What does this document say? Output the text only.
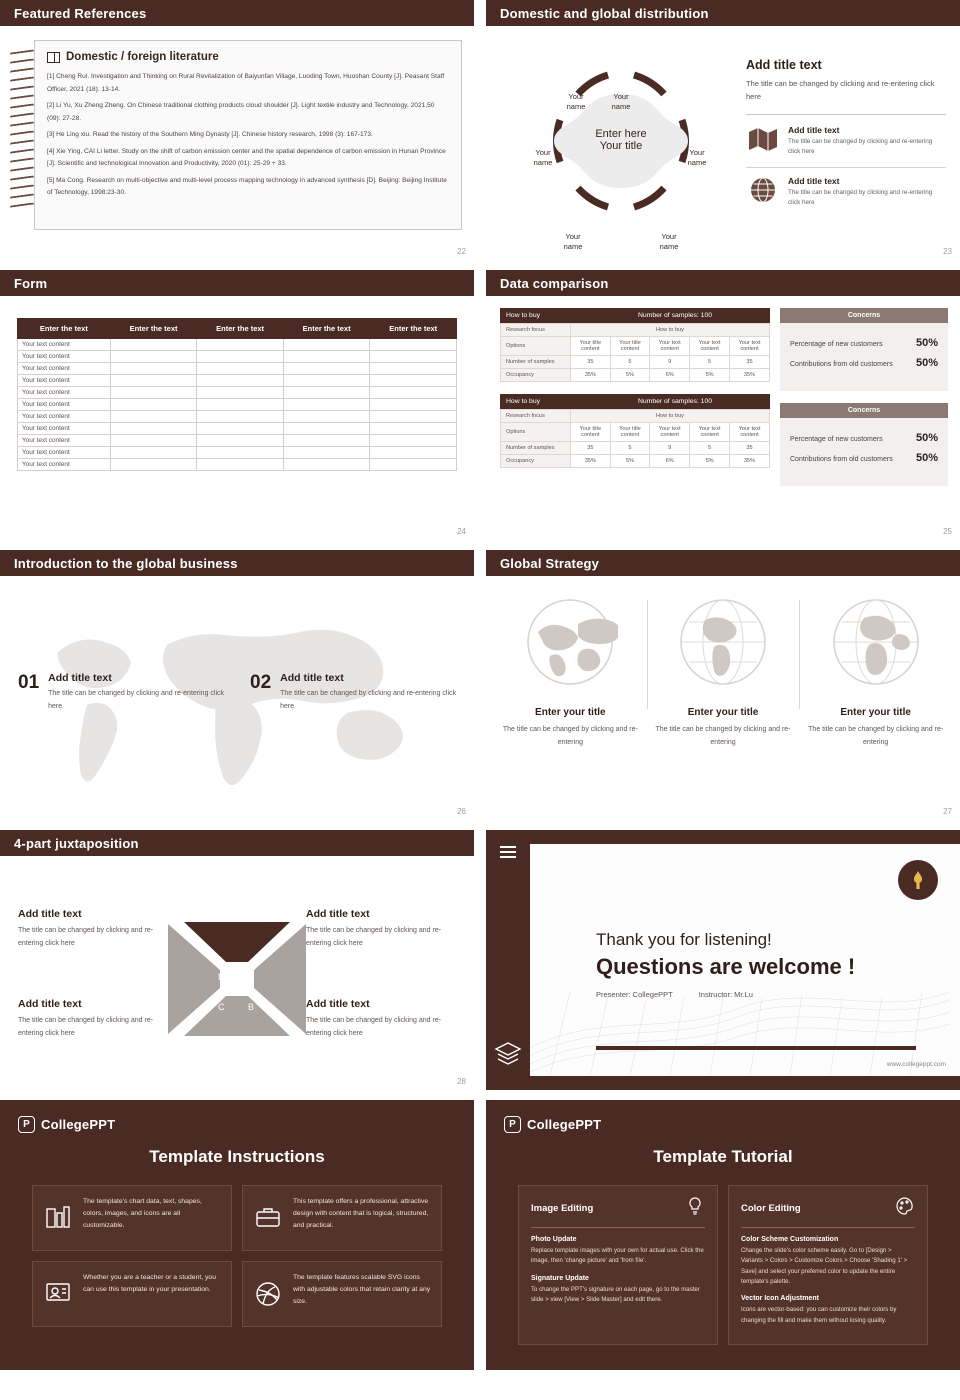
Featured References
Domestic / foreign literature
[1] Cheng Rui. Investigation and Thinking on Rural Revitalization of Baiyunfan Village, Luoding Town, Huoshan County [J]. Peasant Staff Officer, 2021 (18): 13-14.
[2] Li Yu, Xu Zheng Zheng. On Chinese traditional clothing products cloud shoulder [J]. Light textile industry and Technology, 2021,50 (09): 27-28.
[3] He Ling xiu. Read the history of the Southern Ming Dynasty [J]. Chinese history research, 1998 (3): 167-173.
[4] Xie Ying, CAI Li letter. Study on the shift of carbon emission center and the spatial dependence of carbon emission in Hunan Province [J]. Scientific and technological Innovation and Productivity, 2020 (01): 25-29 + 33.
[5] Ma Cong. Research on multi-objective and multi-level process mapping technology in advanced synthesis [D]. Beijing: Beijing Institute of Technology, 1998:23-30.
22
Domestic and global distribution
Your
name
Your
name
Your
name
Your
name
Your
name
Your
name
Enter here
Your title
Add title text

The title can be changed by clicking and re-entering click here

Add title text

The title can be changed by clicking and re-entering click here

Add title text

The title can be changed by clicking and re-entering click here

23
Form
Enter the text	Enter the text	Enter the text	Enter the text	Enter the text
Your text content				
Your text content				
Your text content				
Your text content				
Your text content				
Your text content				
Your text content				
Your text content				
Your text content				
Your text content				
Your text content				
24
Data comparison
How to buy	Number of samples: 100
Research focus	How to buy				
Options	Your title content	Your title content	Your text content	Your text content	Your text content
Number of samples	35	5	9	5	35
Occupancy	35%	5%	6%	5%	35%
How to buy	Number of samples: 100
Research focus	How to buy				
Options	Your title content	Your title content	Your text content	Your text content	Your text content
Number of samples	35	5	9	5	35
Occupancy	35%	5%	6%	5%	35%
Concerns
Percentage of new customers	50%
Contributions from old customers 50%
Concerns
Percentage of new customers	50%
Contributions from old customers 50%
25
Introduction to the global business
01 Add title text

The title can be changed by clicking and re-entering click here

02 Add title text

The title can be changed by clicking and re-entering click here

26
Global Strategy
Enter your title

The title can be changed by clicking and re-entering

Enter your title

The title can be changed by clicking and re-entering

Enter your title

The title can be changed by clicking and re-entering

27
4-part juxtaposition
D	A
C	B
Add title text

The title can be changed by clicking and re-entering click here

Add title text

The title can be changed by clicking and re-entering click here

Add title text

The title can be changed by clicking and re-entering click here

Add title text

The title can be changed by clicking and re-entering click here

28
Thank you for listening!
Questions are welcome !
Presenter: CollegePPT	Instructor: Mr.Lu
www.collegeppt.com
P CollegePPT
Template Instructions

The template's chart data, text, shapes, colors, images, and icons are all customizable.

This template offers a professional, attractive design with content that is logical, structured, and practical.

Whether you are a teacher or a student, you can use this template in your presentation.

The template features scalable SVG icons with adjustable colors that retain clarity at any size.

P CollegePPT
Template Tutorial
Image Editing
Photo Update

Replace template images with your own for actual use. Click the image, then 'change picture' and 'from file'.

Signature Update

To change the PPT's signature on each page, go to the master slide > view [View > Slide Master] and edit there.

Color Editing
Color Scheme Customization

Change the slide's color scheme easily. Go to [Design > Variants > Colors > Customize Colors > Choose 'Shading 1' > Save] and select your preferred color to update the entire template's palette.

Vector Icon Adjustment

Icons are vector-based: you can customize their colors by changing the fill and make them without losing quality.
